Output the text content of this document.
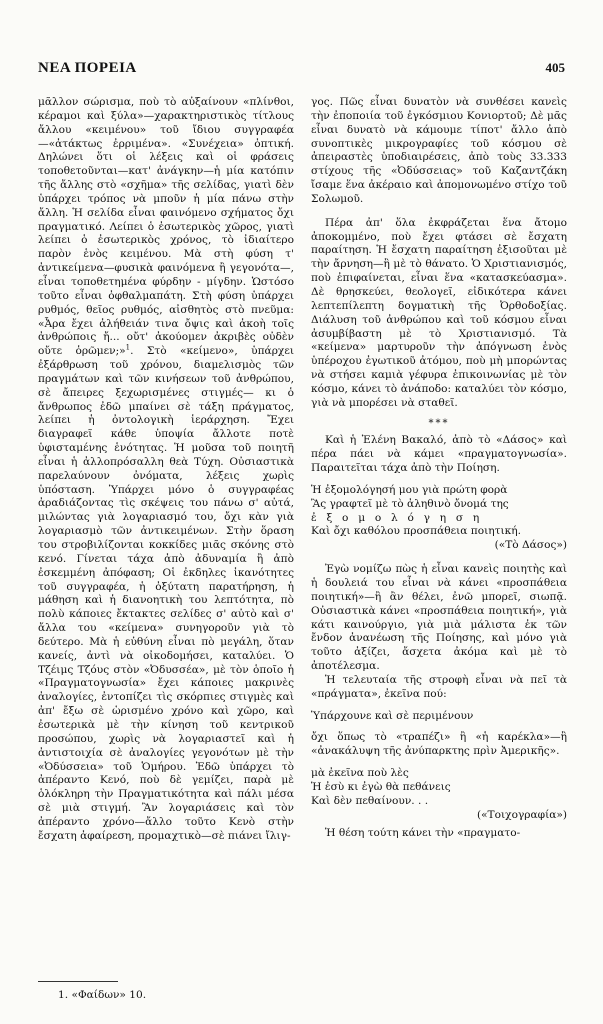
ΝΕΑ ΠΟΡΕΙΑ	405

μᾶλλον σώρισμα, ποὺ τὸ αὐξαίνουν «πλίνθοι, κέραμοι καὶ ξύλα»—χαρακτηριστικὸς τίτλους ἄλλου «κειμένου» τοῦ ἴδιου συγγραφέα—«ἀτάκτως ἐρριμένα». «Συνέχεια» ὀπτική. Δηλώνει ὅτι οἱ λέξεις καὶ οἱ φράσεις τοποθετοῦνται—κατ' ἀνάγκην—ἡ μία κατόπιν τῆς ἄλλης στὸ «σχῆμα» τῆς σελίδας, γιατὶ δὲν ὑπάρχει τρόπος νὰ μποῦν ἡ μία πάνω στὴν ἄλλη. Ἡ σελίδα εἶναι φαινόμενο σχήματος ὄχι πραγματικό. Λείπει ὁ ἐσωτερικὸς χῶρος, γιατὶ λείπει ὁ ἐσωτερικὸς χρόνος, τὸ ἰδιαίτερο παρὸν ἑνὸς κειμένου. Μὰ στὴ φύση τ' ἀντικείμενα—φυσικὰ φαινόμενα ἢ γεγονότα—, εἶναι τοποθετημένα φύρδην - μίγδην. Ὡστόσο τοῦτο εἶναι ὀφθαλμαπάτη. Στὴ φύση ὑπάρχει ρυθμός, θεῖος ρυθμός, αἰσθητὸς στὸ πνεῦμα: «Ἆρα ἔχει ἀλήθειάν τινα ὄψις καὶ ἀκοὴ τοῖς ἀνθρώποις ἤ... οὔτ' ἀκούομεν ἀκριβὲς οὐδὲν οὔτε ὁρῶμεν;»$^1$. Στὸ «κείμενο», ὑπάρχει ἐξάρθρωση τοῦ χρόνου, διαμελισμὸς τῶν πραγμάτων καὶ τῶν κινήσεων τοῦ ἀνθρώπου, σὲ ἄπειρες ξεχωρισμένες στιγμές— κι ὁ ἄνθρωπος ἐδῶ μπαίνει σὲ τάξη πράγματος, λείπει ἡ ὀντολογικὴ ἱεράρχηση. Ἔχει διαγραφεῖ κάθε ὑποψία ἄλλοτε ποτὲ ὑφισταμένης ἑνότητας. Ἡ μοῦσα τοῦ ποιητῆ εἶναι ἡ ἀλλοπρόσαλλη θεὰ Τύχη. Οὐσιαστικὰ παρελαύνουν ὀνόματα, λέξεις χωρὶς ὑπόσταση. Ὑπάρχει μόνο ὁ συγγραφέας ἀραδιάζοντας τὶς σκέψεις του πάνω σ' αὐτά, μιλώντας γιὰ λογαριασμό του, ὄχι κὰν γιὰ λογαριασμὸ τῶν ἀντικειμένων. Στὴν ὅραση του στροβιλίζονται κοκκίδες μιᾶς σκόνης στὸ κενό. Γίνεται τάχα ἀπὸ ἀδυναμία ἢ ἀπὸ ἐσκεμμένη ἀπόφαση; Οἱ ἐκδηλες ἱκανότητες τοῦ συγγραφέα, ἡ ὀξύτατη παρατήρηση, ἡ μάθηση καὶ ἡ διανοητικὴ του λεπτότητα, πὸ πολὺ κάποιες ἔκτακτες σελίδες σ' αὐτὸ καὶ σ' ἄλλα του «κείμενα» συνηγοροῦν γιὰ τὸ δεύτερο. Μὰ ἡ εὐθύνη εἶναι πὸ μεγάλη, ὅταν κανείς, ἀντὶ νὰ οἰκοδομήσει, καταλύει. Ὁ Τζέιμς Τζόυς στὸν «Ὀδυσσέα», μὲ τὸν ὁποῖο ἡ «Πραγματογνωσία» ἔχει κάποιες μακρινὲς ἀναλογίες, ἐντοπίζει τὶς σκόρπιες στιγμὲς καὶ ἀπ' ἔξω σὲ ὡρισμένο χρόνο καὶ χῶρο, καὶ ἐσωτερικὰ μὲ τὴν κίνηση τοῦ κεντρικοῦ προσώπου, χωρὶς νὰ λογαριαστεῖ καὶ ἡ ἀντιστοιχία σὲ ἀναλογίες γεγονότων μὲ τὴν «Ὀδύσσεια» τοῦ Ὁμήρου. Ἐδῶ ὑπάρχει τὸ ἀπέραντο Κενό, ποὺ δὲ γεμίζει, παρὰ μὲ ὁλόκληρη τὴν Πραγματικότητα καὶ πάλι μέσα σὲ μιὰ στιγμή. Ἂν λογαριάσεις καὶ τὸν ἀπέραντο χρόνο—ἄλλο τοῦτο Κενὸ στὴν ἔσχατη ἀφαίρεση, προμαχτικὸ—σὲ πιάνει ἴλιγ-

γος. Πῶς εἶναι δυνατὸν νὰ συνθέσει κανεὶς τὴν ἐποποιία τοῦ ἐγκόσμιου Κονιορτοῦ; Δὲ μᾶς εἶναι δυνατὸ νὰ κάμουμε τίποτ' ἄλλο ἀπὸ συνοπτικὲς μικρογραφίες τοῦ κόσμου σὲ ἀπειραστὲς ὑποδιαιρέσεις, ἀπὸ τοὺς 33.333 στίχους τῆς «Ὀδύσσειας» τοῦ Καζαντζάκη ἴσαμε ἕνα ἀκέραιο καὶ ἀπομονωμένο στίχο τοῦ Σολωμοῦ.

Πέρα ἀπ' ὅλα ἐκφράζεται ἕνα ἄτομο ἀποκομμένο, ποὺ ἔχει φτάσει σὲ ἔσχατη παραίτηση. Ἡ ἔσχατη παραίτηση ἐξισοῦται μὲ τὴν ἄρνηση—ἢ μὲ τὸ θάνατο. Ὁ Χριστιανισμός, ποὺ ἐπιφαίνεται, εἶναι ἕνα «κατασκεύασμα». Δὲ θρησκεύει, θεολογεῖ, εἰδικότερα κάνει λεπτεπίλεπτη δογματικὴ τῆς Ὀρθοδοξίας. Διάλυση τοῦ ἀνθρώπου καὶ τοῦ κόσμου εἶναι ἀσυμβίβαστη μὲ τὸ Χριστιανισμό. Τὰ «κείμενα» μαρτυροῦν τὴν ἀπόγνωση ἑνὸς ὑπέροχου ἐγωτικοῦ ἀτόμου, ποὺ μὴ μπορώντας νὰ στήσει καμιὰ γέφυρα ἐπικοινωνίας μὲ τὸν κόσμο, κάνει τὸ ἀνάποδο: καταλύει τὸν κόσμο, γιὰ νὰ μπορέσει νὰ σταθεῖ.

***

Καὶ ἡ Ἐλένη Βακαλό, ἀπὸ τὸ «Δάσος» καὶ πέρα πάει νὰ κάμει «πραγματογνωσία». Παραιτεῖται τάχα ἀπὸ τὴν Ποίηση.

Ἡ ἐξομολόγησή μου γιὰ πρώτη φορὰ
Ἂς γραφτεῖ μὲ τὸ ἀληθινὸ ὄνομά της
ἐ ξ ο μ ο λ ό γ η σ η
Καὶ ὄχι καθόλου προσπάθεια ποιητική.
(«Τὸ Δάσος»)

Ἐγὼ νομίζω πὼς ἡ εἶναι κανεὶς ποιητὴς καὶ ἡ δουλειά του εἶναι νὰ κάνει «προσπάθεια ποιητική»—ἢ ἂν θέλει, ἐνῶ μπορεῖ, σιωπᾷ. Οὐσιαστικὰ κάνει «προσπάθεια ποιητική», γιὰ κάτι καινούργιο, γιὰ μιὰ μάλιστα ἐκ τῶν ἔνδον ἀνανέωση τῆς Ποίησης, καὶ μόνο γιὰ τοῦτο ἀξίζει, ἄσχετα ἀκόμα καὶ μὲ τὸ ἀποτέλεσμα.

Ἡ τελευταία τῆς στροφὴ εἶναι νὰ πεῖ τὰ «πράγματα», ἐκεῖνα πού:

Ὑπάρχουνε καὶ σὲ περιμένουν

ὄχι ὅπως τὸ «τραπέζι» ἢ «ἡ καρέκλα»—ἢ «ἀνακάλυψη τῆς ἀνύπαρκτης πρὶν Ἀμερικῆς».

μὰ ἐκεῖνα ποὺ λὲς
Ἡ ἐσὺ κι ἐγὼ θὰ πεθάνεις
Καὶ δὲν πεθαίνουν. . .
(«Τοιχογραφία»)

Ἡ θέση τούτη κάνει τὴν «πραγματο-

1. «Φαίδων» 10.
